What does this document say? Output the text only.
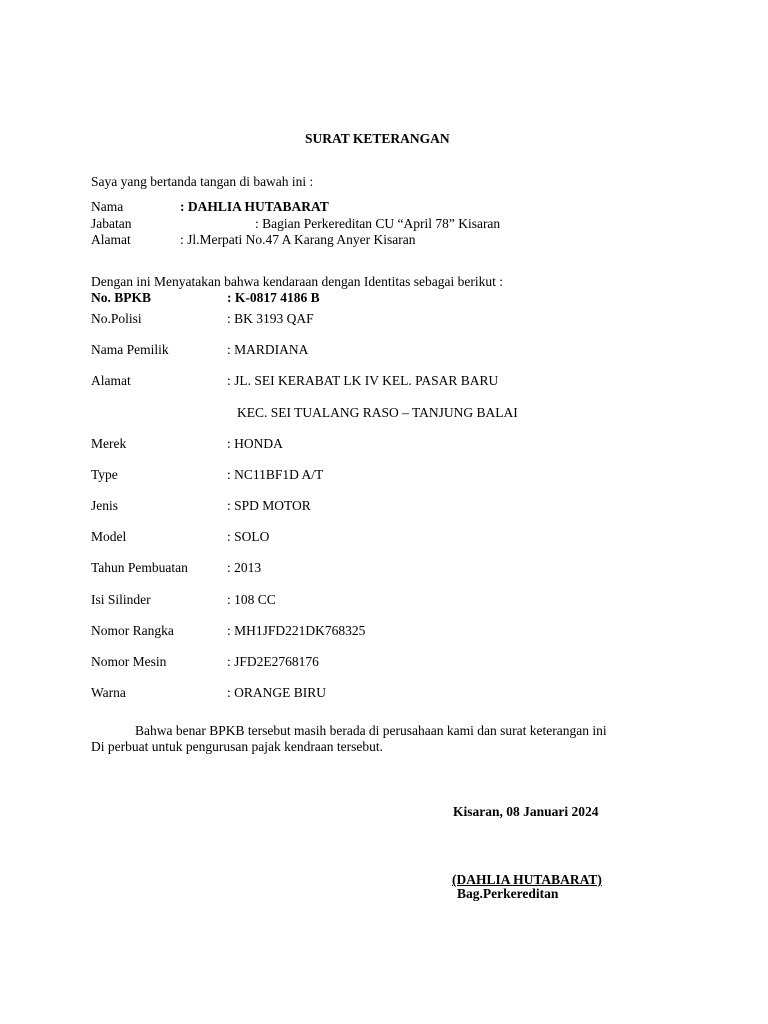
SURAT KETERANGAN
Saya yang bertanda tangan di bawah ini :
Nama	: DAHLIA HUTABARAT
Jabatan	: Bagian Perkereditan CU “April 78” Kisaran
Alamat	: Jl.Merpati No.47 A Karang Anyer Kisaran
Dengan ini Menyatakan bahwa kendaraan dengan Identitas sebagai berikut :
No. BPKB	: K-0817 4186 B
No.Polisi	: BK 3193 QAF
Nama Pemilik	: MARDIANA
Alamat	: JL. SEI KERABAT LK IV KEL. PASAR BARU
KEC. SEI TUALANG RASO – TANJUNG BALAI
Merek	: HONDA
Type	: NC11BF1D A/T
Jenis	: SPD MOTOR
Model	: SOLO
Tahun Pembuatan	: 2013
Isi Silinder	: 108 CC
Nomor Rangka	: MH1JFD221DK768325
Nomor Mesin	: JFD2E2768176
Warna	: ORANGE BIRU
Bahwa benar BPKB tersebut masih berada di perusahaan kami dan surat keterangan ini
Di perbuat untuk pengurusan pajak kendraan tersebut.
Kisaran, 08 Januari 2024
(DAHLIA HUTABARAT)
Bag.Perkereditan
